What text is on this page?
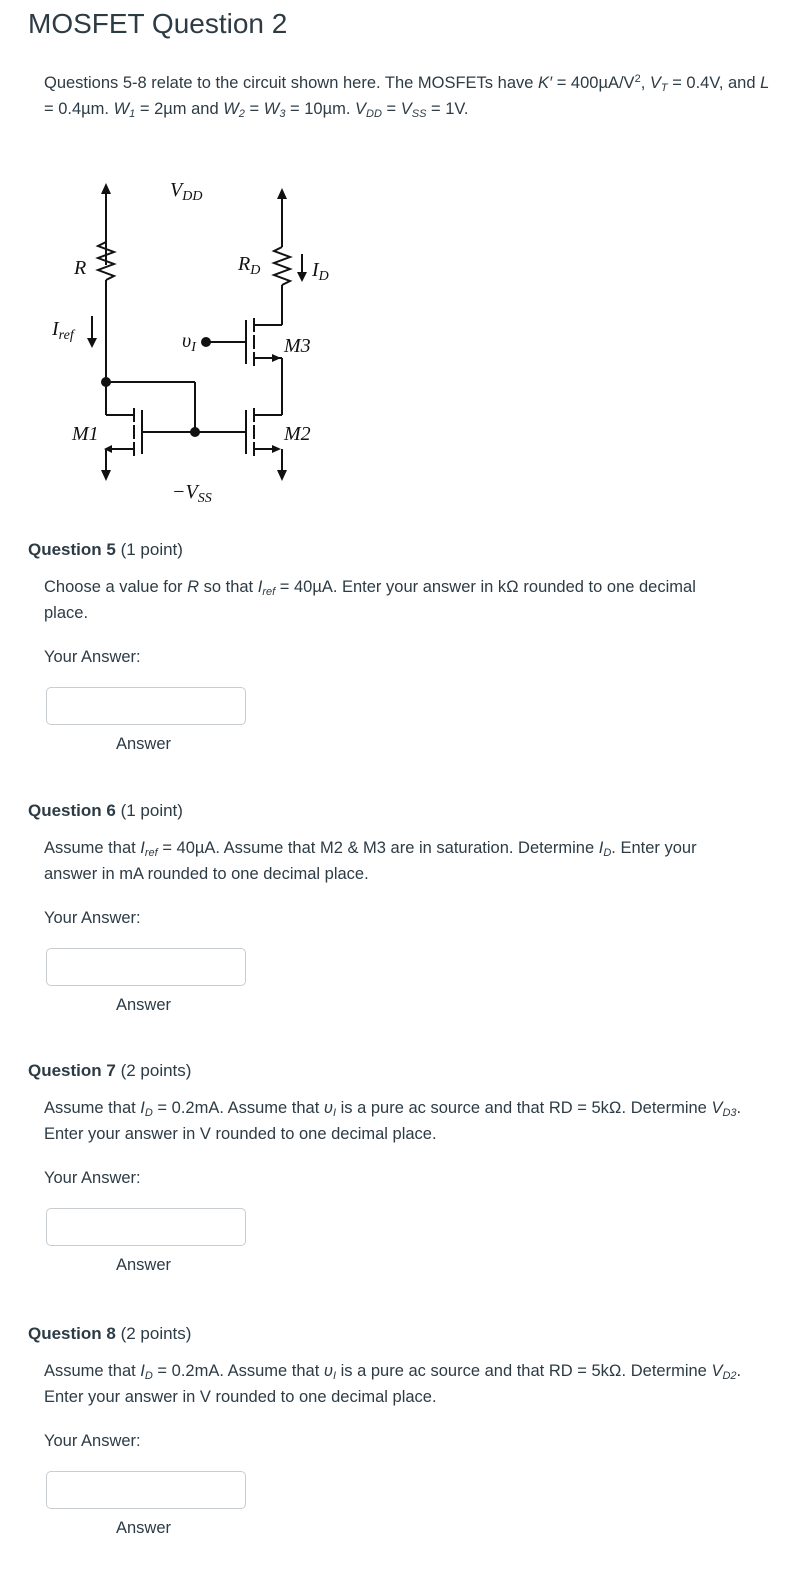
MOSFET Question 2
Questions 5-8 relate to the circuit shown here. The MOSFETs have $K' = 400\mu A/V^2$, $V_T = 0.4V$, and L = 0.4µm. $W_1 = 2\mu m$ and $W_2 = W_3 = 10\mu m$. $V_{DD} = V_{SS} = 1V$.
$V_{DD}$
R	$R_D$	$I_D$
$I_{ref}$	$\upsilon_I$	M3
M1	M2
$-V_{SS}$
Question 5 (1 point)
Choose a value for R so that $I_{ref} = 40\mu A$. Enter your answer in kΩ rounded to one decimal place.
Your Answer:
Answer
Question 6 (1 point)
Assume that $I_{ref} = 40\mu A$. Assume that M2 & M3 are in saturation. Determine $I_D$. Enter your answer in mA rounded to one decimal place.
Your Answer:
Answer
Question 7 (2 points)
Assume that $I_D = 0.2mA$. Assume that $\upsilon_I$ is a pure ac source and that RD = 5kΩ. Determine $V_{D3}$. Enter your answer in V rounded to one decimal place.
Your Answer:
Answer
Question 8 (2 points)
Assume that $I_D = 0.2mA$. Assume that $\upsilon_I$ is a pure ac source and that RD = 5kΩ. Determine $V_{D2}$. Enter your answer in V rounded to one decimal place.
Your Answer:
Answer
